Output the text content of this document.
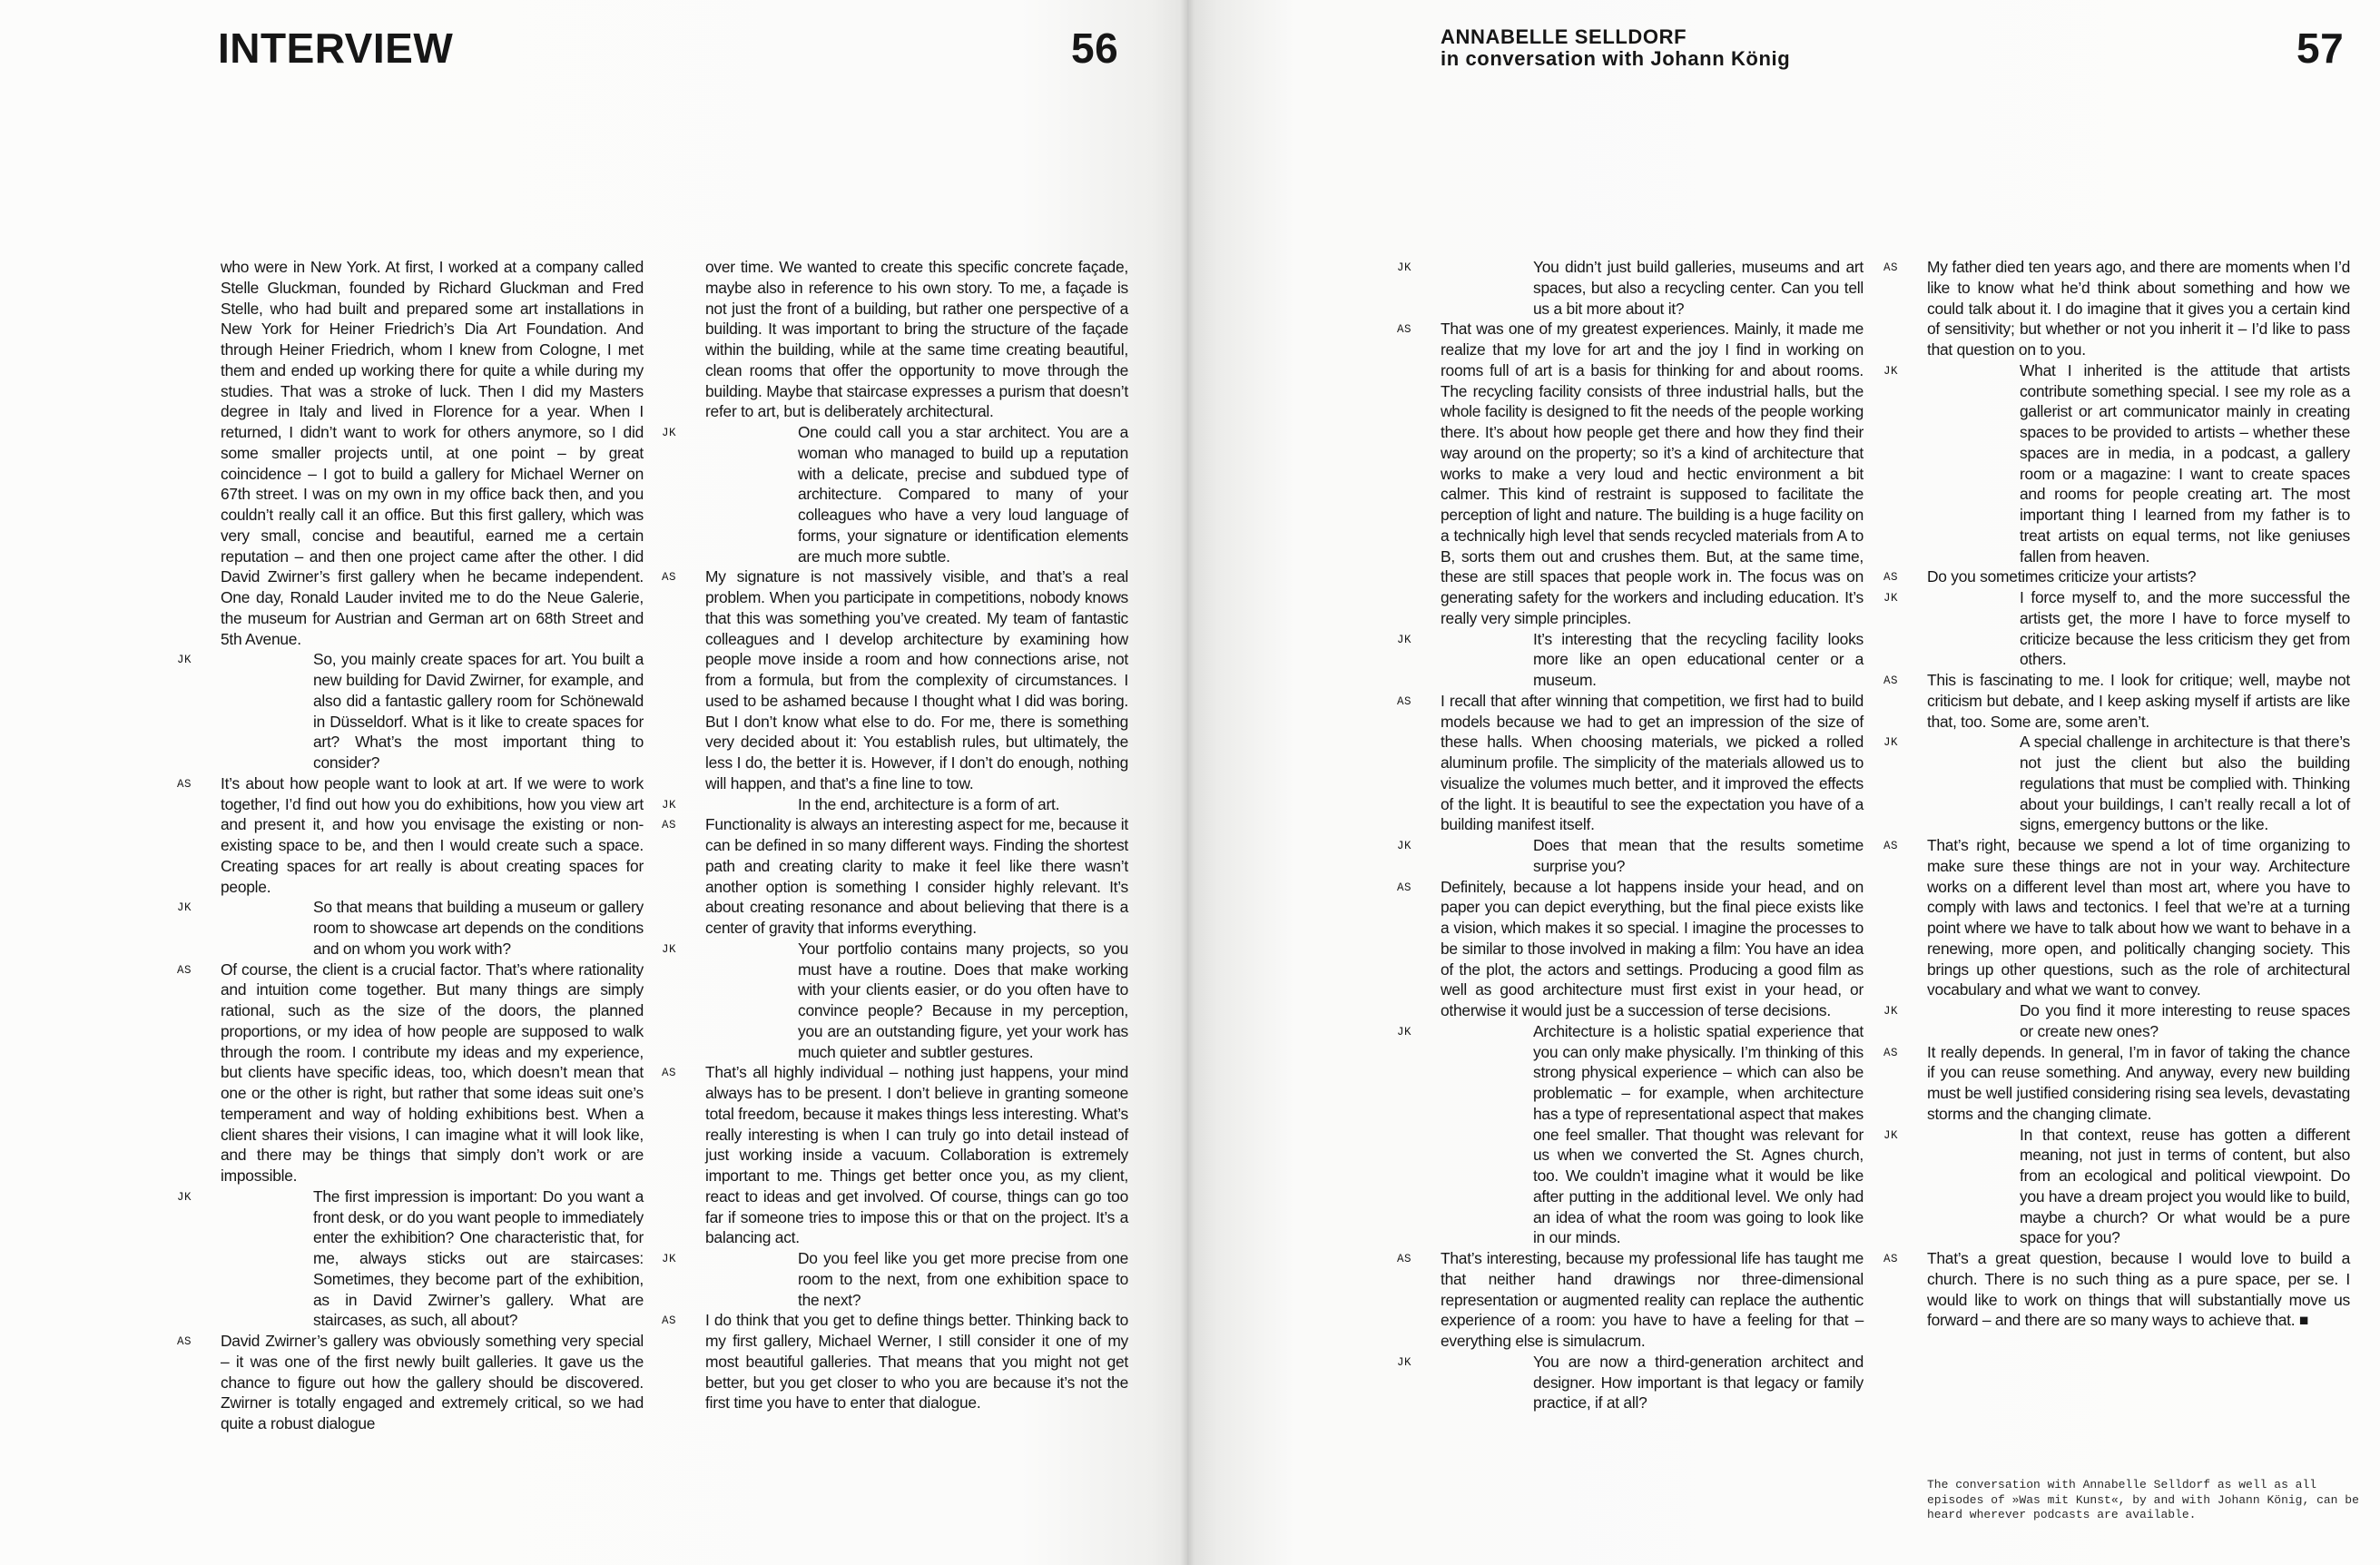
INTERVIEW	56	ANNABELLE SELLDORF
in conversation with Johann König	57

who were in New York. At first, I worked at a company called Stelle Gluckman, founded by Richard Gluckman and Fred Stelle, who had built and prepared some art installations in New York for Heiner Friedrich’s Dia Art Foundation. And through Heiner Friedrich, whom I knew from Cologne, I met them and ended up working there for quite a while during my studies. That was a stroke of luck. Then I did my Masters degree in Italy and lived in Florence for a year. When I returned, I didn’t want to work for others anymore, so I did some smaller projects until, at one point – by great coincidence – I got to build a gallery for Michael Werner on 67th street. I was on my own in my office back then, and you couldn’t really call it an office. But this first gallery, which was very small, concise and beautiful, earned me a certain reputation – and then one project came after the other. I did David Zwirner’s first gallery when he became independent. One day, Ronald Lauder invited me to do the Neue Galerie, the museum for Austrian and German art on 68th Street and 5th Avenue.

JK	So, you mainly create spaces for art. You built a new building for David Zwirner, for example, and also did a fantastic gallery room for Schönewald in Düsseldorf. What is it like to create spaces for art? What’s the most important thing to consider?

AS It’s about how people want to look at art. If we were to work together, I’d find out how you do exhibitions, how you view art and present it, and how you envisage the existing or non-existing space to be, and then I would create such a space. Creating spaces for art really is about creating spaces for people.

JK	So that means that building a museum or gallery room to showcase art depends on the conditions and on whom you work with?

AS Of course, the client is a crucial factor. That’s where rationality and intuition come together. But many things are simply rational, such as the size of the doors, the planned proportions, or my idea of how people are supposed to walk through the room. I contribute my ideas and my experience, but clients have specific ideas, too, which doesn’t mean that one or the other is right, but rather that some ideas suit one’s temperament and way of holding exhibitions best. When a client shares their visions, I can imagine what it will look like, and there may be things that simply don’t work or are impossible.

JK	The first impression is important: Do you want a front desk, or do you want people to immediately enter the exhibition? One characteristic that, for me, always sticks out are staircases: Sometimes, they become part of the exhibition, as in David Zwirner’s gallery. What are staircases, as such, all about?

AS David Zwirner’s gallery was obviously something very special – it was one of the first newly built galleries. It gave us the chance to figure out how the gallery should be discovered. Zwirner is totally engaged and extremely critical, so we had quite a robust dialogue

over time. We wanted to create this specific concrete façade, maybe also in reference to his own story. To me, a façade is not just the front of a building, but rather one perspective of a building. It was important to bring the structure of the façade within the building, while at the same time creating beautiful, clean rooms that offer the opportunity to move through the building. Maybe that staircase expresses a purism that doesn’t refer to art, but is deliberately architectural.

JK	One could call you a star architect. You are a woman who managed to build up a reputation with a delicate, precise and subdued type of architecture. Compared to many of your colleagues who have a very loud language of forms, your signature or identification elements are much more subtle.

AS My signature is not massively visible, and that’s a real problem. When you participate in competitions, nobody knows that this was something you’ve created. My team of fantastic colleagues and I develop architecture by examining how people move inside a room and how connections arise, not from a formula, but from the complexity of circumstances. I used to be ashamed because I thought what I did was boring. But I don’t know what else to do. For me, there is something very decided about it: You establish rules, but ultimately, the less I do, the better it is. However, if I don’t do enough, nothing will happen, and that’s a fine line to tow.

JK	In the end, architecture is a form of art.

AS Functionality is always an interesting aspect for me, because it can be defined in so many different ways. Finding the shortest path and creating clarity to make it feel like there wasn’t another option is something I consider highly relevant. It’s about creating resonance and about believing that there is a center of gravity that informs everything.

JK	Your portfolio contains many projects, so you must have a routine. Does that make working with your clients easier, or do you often have to convince people? Because in my perception, you are an outstanding figure, yet your work has much quieter and subtler gestures.

AS That’s all highly individual – nothing just happens, your mind always has to be present. I don’t believe in granting someone total freedom, because it makes things less interesting. What’s really interesting is when I can truly go into detail instead of just working inside a vacuum. Collaboration is extremely important to me. Things get better once you, as my client, react to ideas and get involved. Of course, things can go too far if someone tries to impose this or that on the project. It’s a balancing act.

JK	Do you feel like you get more precise from one room to the next, from one exhibition space to the next?

AS I do think that you get to define things better. Thinking back to my first gallery, Michael Werner, I still consider it one of my most beautiful galleries. That means that you might not get better, but you get closer to who you are because it’s not the first time you have to enter that dialogue.

JK	You didn’t just build galleries, museums and art spaces, but also a recycling center. Can you tell us a bit more about it?

AS That was one of my greatest experiences. Mainly, it made me realize that my love for art and the joy I find in working on rooms full of art is a basis for thinking for and about rooms. The recycling facility consists of three industrial halls, but the whole facility is designed to fit the needs of the people working there. It’s about how people get there and how they find their way around on the property; so it’s a kind of architecture that works to make a very loud and hectic environment a bit calmer. This kind of restraint is supposed to facilitate the perception of light and nature. The building is a huge facility on a technically high level that sends recycled materials from A to B, sorts them out and crushes them. But, at the same time, these are still spaces that people work in. The focus was on generating safety for the workers and including education. It’s really very simple principles.

JK	It’s interesting that the recycling facility looks more like an open educational center or a museum.

AS I recall that after winning that competition, we first had to build models because we had to get an impression of the size of these halls. When choosing materials, we picked a rolled aluminum profile. The simplicity of the materials allowed us to visualize the volumes much better, and it improved the effects of the light. It is beautiful to see the expectation you have of a building manifest itself.

JK	Does that mean that the results sometime surprise you?

AS Definitely, because a lot happens inside your head, and on paper you can depict everything, but the final piece exists like a vision, which makes it so special. I imagine the processes to be similar to those involved in making a film: You have an idea of the plot, the actors and settings. Producing a good film as well as good architecture must first exist in your head, or otherwise it would just be a succession of terse decisions.

JK	Architecture is a holistic spatial experience that you can only make physically. I’m thinking of this strong physical experience – which can also be problematic – for example, when architecture has a type of representational aspect that makes one feel smaller. That thought was relevant for us when we converted the St. Agnes church, too. We couldn’t imagine what it would be like after putting in the additional level. We only had an idea of what the room was going to look like in our minds.

AS That’s interesting, because my professional life has taught me that neither hand drawings nor three-dimensional representation or augmented reality can replace the authentic experience of a room: you have to have a feeling for that – everything else is simulacrum.

JK	You are now a third-generation architect and designer. How important is that legacy or family practice, if at all?

AS My father died ten years ago, and there are moments when I’d like to know what he’d think about something and how we could talk about it. I do imagine that it gives you a certain kind of sensitivity; but whether or not you inherit it – I’d like to pass that question on to you.

JK	What I inherited is the attitude that artists contribute something special. I see my role as a gallerist or art communicator mainly in creating spaces to be provided to artists – whether these spaces are in media, in a podcast, a gallery room or a magazine: I want to create spaces and rooms for people creating art. The most important thing I learned from my father is to treat artists on equal terms, not like geniuses fallen from heaven.

AS Do you sometimes criticize your artists?

JK	I force myself to, and the more successful the artists get, the more I have to force myself to criticize because the less criticism they get from others.

AS This is fascinating to me. I look for critique; well, maybe not criticism but debate, and I keep asking myself if artists are like that, too. Some are, some aren’t.

JK	A special challenge in architecture is that there’s not just the client but also the building regulations that must be complied with. Thinking about your buildings, I can’t really recall a lot of signs, emergency buttons or the like.

AS That’s right, because we spend a lot of time organizing to make sure these things are not in your way. Architecture works on a different level than most art, where you have to comply with laws and tectonics. I feel that we’re at a turning point where we have to talk about how we want to behave in a renewing, more open, and politically changing society. This brings up other questions, such as the role of architectural vocabulary and what we want to convey.

JK	Do you find it more interesting to reuse spaces or create new ones?

AS It really depends. In general, I’m in favor of taking the chance if you can reuse something. And anyway, every new building must be well justified considering rising sea levels, devastating storms and the changing climate.

JK	In that context, reuse has gotten a different meaning, not just in terms of content, but also from an ecological and political viewpoint. Do you have a dream project you would like to build, maybe a church? Or what would be a pure space for you?

AS That’s a great question, because I would love to build a church. There is no such thing as a pure space, per se. I would like to work on things that will substantially move us forward – and there are so many ways to achieve that. ■

The conversation with Annabelle Selldorf as well as all episodes of »Was mit Kunst«, by and with Johann König, can be heard wherever podcasts are available.
